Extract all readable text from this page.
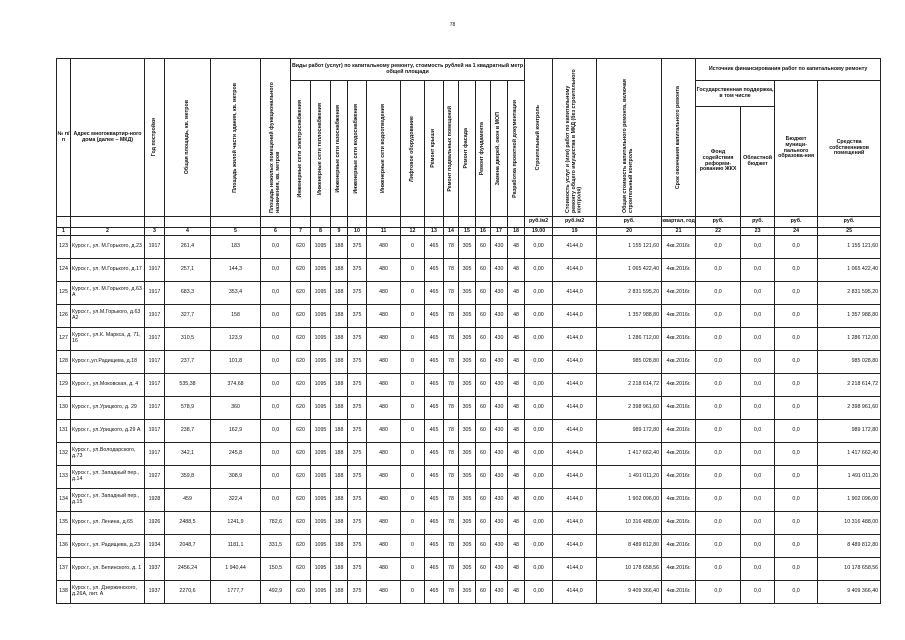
78
№ п/п	Адрес многоквартир-ного дома (далее – МКД)	Год постройки	Общая площадь, кв. метров	Площадь жилой части здания, кв. метров	Площадь нежилых помещений функционального назначения, кв. метров	Виды работ (услуг) по капитальному ремонту, стоимость рублей на 1 квадратный метр общей площади												Строительный контроль	Стоимость услуг и (или) работ по капитальному ремонту общего имущества в МКД (без строительного контроля)	Общая стоимость капитального ремонта, включая строительный контроль	Срок окончания капитального ремонта	Источник финансирования работ по капитальному ремонту			

						Инженерные сети электроснабжения	Инженерные сети теплоснабжения	Инженерные сети газоснабжения	Инженерные сети водоснабжения	Инженерные сети водоотведения	Лифтовое оборудование	Ремонт крыши	Ремонт подвальных помещений	Ремонт фасада	Ремонт фундамента	Замена дверей, окон в МОП	Разработка проектной документации					Государственная поддержка, в том числе		Бюджет муници-пального образова-ния	Средства собственников помещений
																						Фонд содействия реформи-рованию ЖКХ	Областной бюджет		
																		руб./м2	руб./м2	руб.	квартал, год	руб.	руб.	руб.	руб.
1	2	3	4	5	6	7	8	9	10	11	12	13	14	15	16	17	18	19.00	19	20	21	22	23	24	25
123	Курск г., ул. М.Горького, д.23	1917	261,4	183	0,0	620	1095	188	375	480	0	465	78	305	60	430	48	0,00	4144,0	1 155 121,60	4кв.2016г.	0,0	0,0	0,0	1 155 121,60
124	Курск г., ул. М.Горького, д.17	1917	257,1	144,3	0,0	620	1095	188	375	480	0	465	78	305	60	430	48	0,00	4144,0	1 065 422,40	4кв.2016г.	0,0	0,0	0,0	1 065 422,40
125	Курск г., ул. М.Горького, д.63 А	1917	683,3	353,4	0,0	620	1095	188	375	480	0	465	78	305	60	430	48	0,00	4144,0	2 831 595,20	4кв.2016г.	0,0	0,0	0,0	2 831 595,20
126	Курск г., ул.М.Горького, д.63 А2	1917	327,7	158	0,0	620	1095	188	375	480	0	465	78	305	60	430	48	0,00	4144,0	1 357 988,80	4кв.2016г.	0,0	0,0	0,0	1 357 988,80
127	Курск г., ул.К. Маркса, д. 71, 16	1917	310,5	123,9	0,0	620	1095	188	375	480	0	465	78	305	60	430	48	0,00	4144,0	1 286 712,00	4кв.2016г.	0,0	0,0	0,0	1 286 712,00
128	Курск г.,ул.Радищева, д.18	1917	237,7	101,8	0,0	620	1095	188	375	480	0	465	78	305	60	430	48	0,00	4144,0	985 028,80	4кв.2016г.	0,0	0,0	0,0	985 028,80
129	Курск г., ул.Моковская, д. 4	1917	535,38	374,68	0,0	620	1095	188	375	480	0	465	78	305	60	430	48	0,00	4144,0	2 218 614,72	4кв.2016г.	0,0	0,0	0,0	2 218 614,72
130	Курск г., ул.Урицкого, д. 29	1917	578,9	360	0,0	620	1095	188	375	480	0	465	78	305	60	430	48	0,00	4144,0	2 398 961,60	4кв.2016г.	0,0	0,0	0,0	2 398 961,60
131	Курск г., ул.Урицкого, д.29 А	1917	238,7	162,9	0,0	620	1095	188	375	480	0	465	78	305	60	430	48	0,00	4144,0	989 172,80	4кв.2016г.	0,0	0,0	0,0	989 172,80
132	Курск г., ул.Володарского, д.73	1917	342,1	245,8	0,0	620	1095	188	375	480	0	465	78	305	60	430	48	0,00	4144,0	1 417 662,40	4кв.2016г.	0,0	0,0	0,0	1 417 662,40
133	Курск г., ул. Западный пер., д.14	1927	359,8	308,9	0,0	620	1095	188	375	480	0	465	78	305	60	430	48	0,00	4144,0	1 491 011,20	4кв.2016г.	0,0	0,0	0,0	1 491 011,20
134	Курск г., ул. Западный пер., д.15	1928	459	322,4	0,0	620	1095	188	375	480	0	465	78	305	60	430	48	0,00	4144,0	1 902 096,00	4кв.2016г.	0,0	0,0	0,0	1 902 096,00
135	Курск г., ул. Ленина, д.65	1926	2488,5	1241,9	782,6	620	1095	188	375	480	0	465	78	305	60	430	48	0,00	4144,0	10 316 488,00	4кв.2016г.	0,0	0,0	0,0	10 316 488,00
136	Курск г., ул. Радищева, д.23	1934	2048,7	1181,1	331,5	620	1095	188	375	480	0	465	78	305	60	430	48	0,00	4144,0	8 489 812,80	4кв.2016г.	0,0	0,0	0,0	8 489 812,80
137	Курск г., ул. Бепинского, д. 1	1937	2456,24	1 940,44	150,5	620	1095	188	375	480	0	465	78	305	60	430	48	0,00	4144,0	10 178 658,56	4кв.2016г.	0,0	0,0	0,0	10 178 658,56
138	Курск г., ул. Дзержинского, д.26А, лит. А	1937	2270,6	1777,7	492,9	620	1095	188	375	480	0	465	78	305	60	430	48	0,00	4144,0	9 409 366,40	4кв.2016г.	0,0	0,0	0,0	9 409 366,40
